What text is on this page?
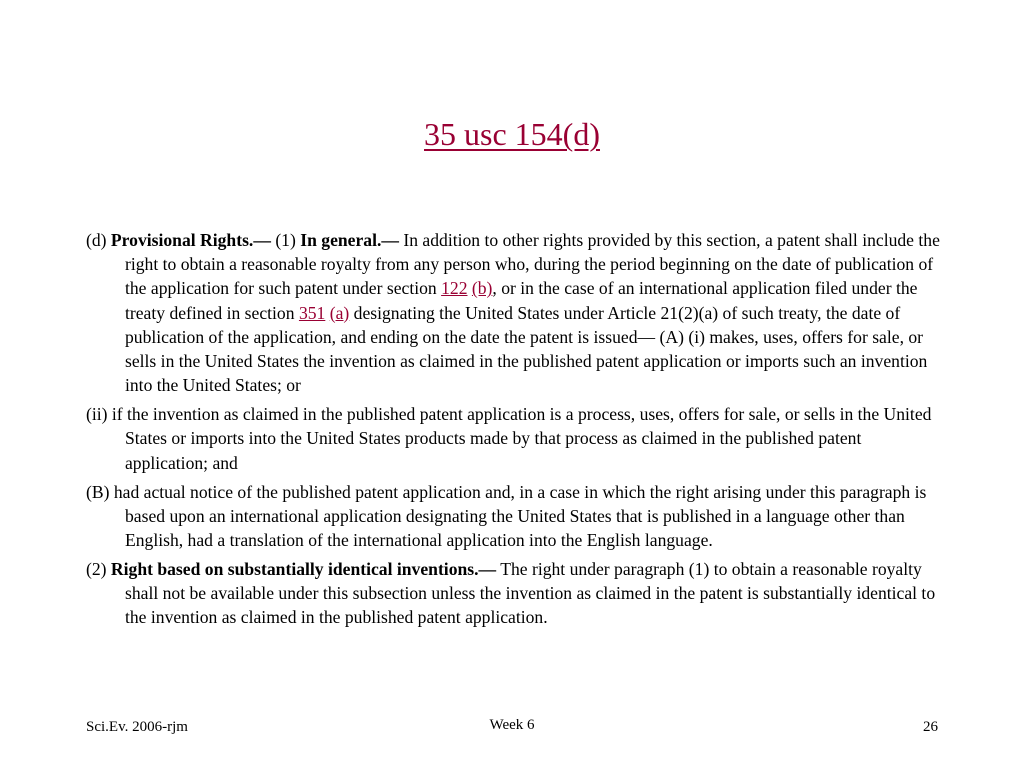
35 usc 154(d)

(d) Provisional Rights.— (1) In general.— In addition to other rights provided by this section, a patent shall include the right to obtain a reasonable royalty from any person who, during the period beginning on the date of publication of the application for such patent under section 122 (b), or in the case of an international application filed under the treaty defined in section 351 (a) designating the United States under Article 21(2)(a) of such treaty, the date of publication of the application, and ending on the date the patent is issued— (A) (i) makes, uses, offers for sale, or sells in the United States the invention as claimed in the published patent application or imports such an invention into the United States; or

(ii) if the invention as claimed in the published patent application is a process, uses, offers for sale, or sells in the United States or imports into the United States products made by that process as claimed in the published patent application; and

(B) had actual notice of the published patent application and, in a case in which the right arising under this paragraph is based upon an international application designating the United States that is published in a language other than English, had a translation of the international application into the English language.

(2) Right based on substantially identical inventions.— The right under paragraph (1) to obtain a reasonable royalty shall not be available under this subsection unless the invention as claimed in the patent is substantially identical to the invention as claimed in the published patent application.

Sci.Ev. 2006-rjm	Week 6	26
